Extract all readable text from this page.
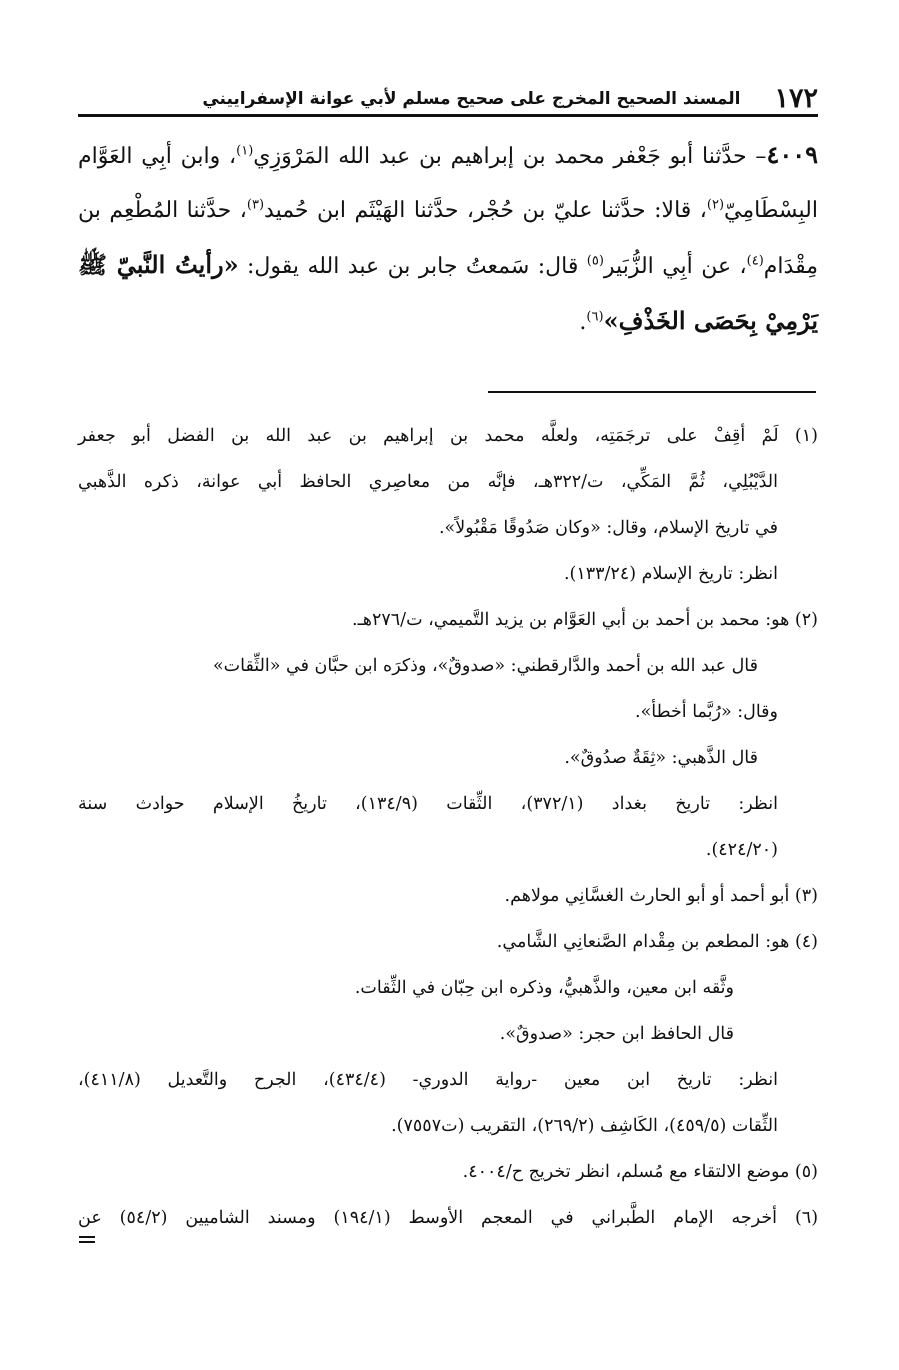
١٧٢
المسند الصحيح المخرج على صحيح مسلم لأبي عوانة الإسفراييني
٤٠٠٩– حدَّثنا أبو جَعْفر محمد بن إبراهيم بن عبد الله المَرْوَزِي$^{(١)}$، وابن أبِي العَوَّام البِسْطَامِيّ$^{(٢)}$، قالا: حدَّثنا عليّ بن حُجْر، حدَّثنا الهَيْثَم ابن حُميد$^{(٣)}$، حدَّثنا المُطْعِم بن مِقْدَام$^{(٤)}$، عن أبِي الزُّبَير$^{(٥)}$ قال: سَمعتُ جابر بن عبد الله يقول: «رأيتُ النَّبيّ ﷺ يَرْمِيْ بِحَصَى الخَذْفِ»$^{(٦)}$.
(١) لَمْ أقِفْ على ترجَمَتِه، ولعلَّه محمد بن إبراهيم بن عبد الله بن الفضل أبو جعفر
الدَّيْبُلِي، ثُمَّ المَكِّي، ت/٣٢٢هـ، فإنَّه من معاصِري الحافظ أبي عوانة، ذكره الذَّهبي
في تاريخ الإسلام، وقال: «وكان صَدُوقًا مَقْبُولاً».
انظر: تاريخ الإسلام (١٣٣/٢٤).
(٢) هو: محمد بن أحمد بن أبي العَوَّام بن يزيد التَّميمي، ت/٢٧٦هـ.
قال عبد الله بن أحمد والدَّارقطني: «صدوقٌ»، وذكرَه ابن حبَّان في «الثِّقات»
وقال: «رُبَّما أخطأ».
قال الذَّهبي: «ثِقَةٌ صدُوقٌ».
انظر: تاريخ بغداد (٣٧٢/١)، الثِّقات (١٣٤/٩)، تاريخُ الإسلام حوادث سنة
(٤٢٤/٢٠).
(٣) أبو أحمد أو أبو الحارث الغسَّانِي مولاهم.
(٤) هو: المطعم بن مِقْدام الصَّنعانِي الشَّامي.
وثَّقه ابن معين، والذَّهبيُّ، وذكره ابن حِبّان في الثِّقات.
قال الحافظ ابن حجر: «صدوقٌ».
انظر: تاريخ ابن معين -رواية الدوري- (٤٣٤/٤)، الجرح والتَّعديل (٤١١/٨)،
الثِّقات (٤٥٩/٥)، الكَاشِف (٢٦٩/٢)، التقريب (ت٧٥٥٧).
(٥) موضع الالتقاء مع مُسلم، انظر تخريج ح/٤٠٠٤.
(٦) أخرجه الإمام الطَّبراني في المعجم الأوسط (١٩٤/١) ومسند الشاميين (٥٤/٢) عن
